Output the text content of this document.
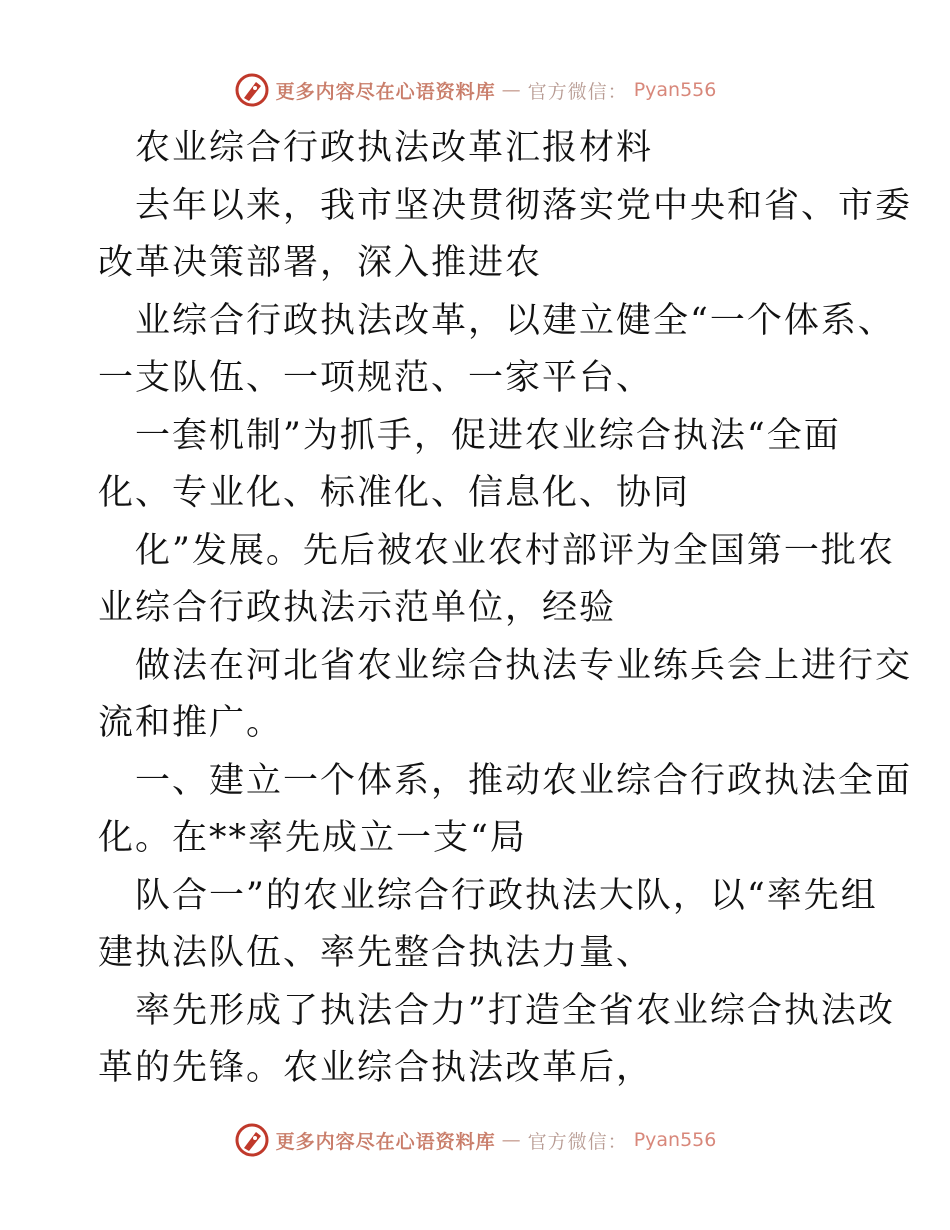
更多内容尽在心语资料库 — 官方微信： Pyan556
农业综合行政执法改革汇报材料
去年以来，我市坚决贯彻落实党中央和省、市委
改革决策部署，深入推进农
业综合行政执法改革，以建立健全“一个体系、
一支队伍、一项规范、一家平台、
一套机制”为抓手，促进农业综合执法“全面
化、专业化、标准化、信息化、协同
化”发展。先后被农业农村部评为全国第一批农
业综合行政执法示范单位，经验
做法在河北省农业综合执法专业练兵会上进行交
流和推广。
一、建立一个体系，推动农业综合行政执法全面
化。在**率先成立一支“局
队合一”的农业综合行政执法大队，以“率先组
建执法队伍、率先整合执法力量、
率先形成了执法合力”打造全省农业综合执法改
革的先锋。农业综合执法改革后，
更多内容尽在心语资料库 — 官方微信： Pyan556
